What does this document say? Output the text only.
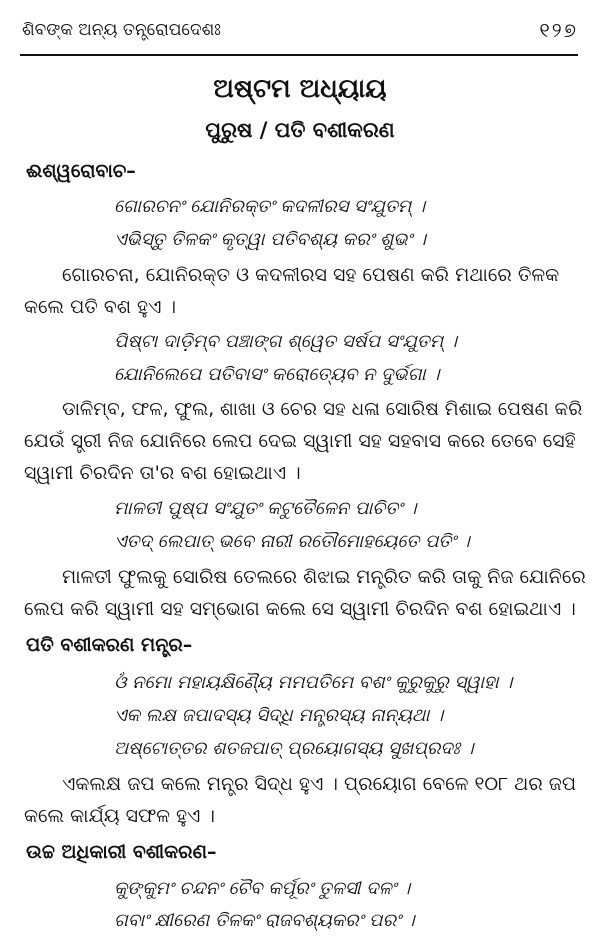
ଶିବଙ୍କ ଅନ୍ୟ ତନ୍ତ୍ରୋପଦେଶଃ	୧୨୭
ଅଷ୍ଟମ ଅଧ୍ୟାୟ
ପୁରୁଷ / ପତି ବଶୀକରଣ
ଈଶ୍ୱରୋବାଚ–
ଗୋରଚନଂ ଯୋନିରକ୍ତଂ କଦଳୀରସ ସଂଯୁତମ୍ ।
ଏଭିସ୍ତୁ ତିଳକଂ କୃତ୍ୱା ପତିବଶ୍ୟ କରଂ ଶୁଭଂ ।
ଗୋରଚନା, ଯୋନିରକ୍ତ ଓ କଦଳୀରସ ସହ ପେଷଣ କରି ମଥାରେ ତିଳକ
କଲେ ପତି ବଶ ହୁଏ ।
ପିଷ୍ଟା ଦାଡ଼ିମ୍ବ ପଞ୍ଚାଙ୍ଗ ଶ୍ୱେତ ସର୍ଷପ ସଂଯୁତମ୍ ।
ଯୋନିଲେପେ ପତିବାସଂ କରୋତ୍ୟେବ ନ ଦୁର୍ଭଗା ।
ଡାଳିମ୍ବ, ଫଳ, ଫୁଲ, ଶାଖା ଓ ଚେର ସହ ଧଳା ସୋରିଷ ମିଶାଇ ପେଷଣ କରି
ଯେଉଁ ସ୍ତ୍ରୀ ନିଜ ଯୋନିରେ ଲେପ ଦେଇ ସ୍ୱାମୀ ସହ ସହବାସ କରେ ତେବେ ସେହି
ସ୍ୱାମୀ ଚିରଦିନ ତା'ର ବଶ ହୋଇଥାଏ ।
ମାଳତୀ ପୁଷ୍ପ ସଂଯୁତଂ କଟୁତୈଳେନ ପାଚିତଂ ।
ଏତଦ୍ ଲେପାତ୍ ଭବେ ନାରୀ ରତୌମୋହୟେତେ ପତିଂ ।
ମାଳତୀ ଫୁଲକୁ ସୋରିଷ ତେଲରେ ଶିଝାଇ ମନ୍ତ୍ରିତ କରି ତାକୁ ନିଜ ଯୋନିରେ
ଲେପ କରି ସ୍ୱାମୀ ସହ ସମ୍ଭୋଗ କଲେ ସେ ସ୍ୱାମୀ ଚିରଦିନ ବଶ ହୋଇଥାଏ ।
ପତି ବଶୀକରଣ ମନ୍ତ୍ର–
ଓଁ ନମୋ ମହାୟକ୍ଷିଣ୍ୟୈ ମମପତିମେ ବଶଂ କୁରୁକୁରୁ ସ୍ୱାହା ।
ଏକ ଲକ୍ଷ ଜପାଦସ୍ୟ ସିଦ୍ଧି ମନ୍ତ୍ରସ୍ୟ ନାନ୍ୟଥା ।
ଅଷ୍ଟୋତ୍ତର ଶତଜପାତ୍ ପ୍ରୟୋଗସ୍ୟ ସୁଖପ୍ରଦଃ ।
ଏକଲକ୍ଷ ଜପ କଲେ ମନ୍ତ୍ର ସିଦ୍ଧ ହୁଏ । ପ୍ରୟୋଗ ବେଳେ ୧୦୮ ଥର ଜପ
କଲେ କାର୍ଯ୍ୟ ସଫଳ ହୁଏ ।
ଉଚ୍ଚ ଅଧିକାରୀ ବଶୀକରଣ–
କୁଙ୍କୁମଂ ଚନ୍ଦନଂ ଚୈବ କର୍ପୂରଂ ତୁଳସୀ ଦଳଂ ।
ଗବାଂ କ୍ଷୀରେଣ ତିଳକଂ ରାଜବଶ୍ୟକରଂ ପରଂ ।
